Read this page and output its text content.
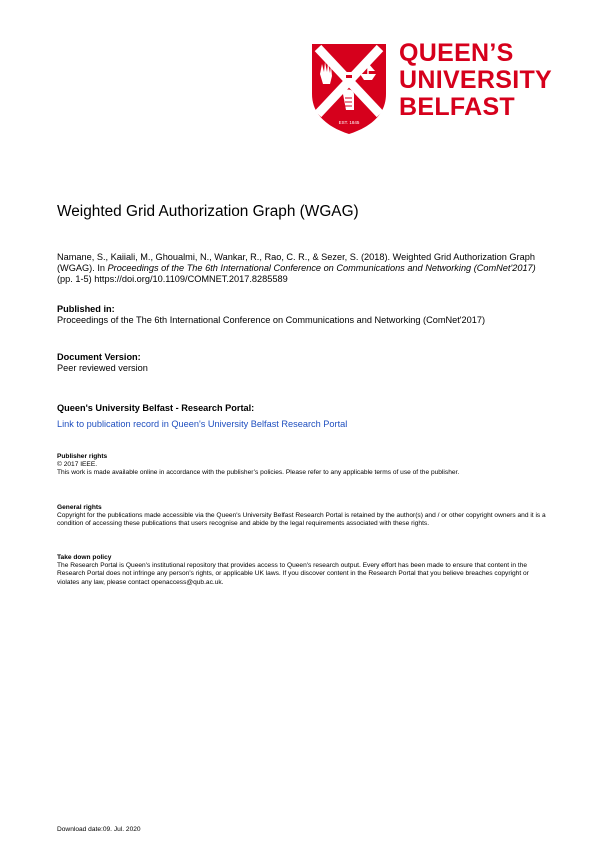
EST. 1845
QUEEN’S
UNIVERSITY
BELFAST
Weighted Grid Authorization Graph (WGAG)
Namane, S., Kaiiali, M., Ghoualmi, N., Wankar, R., Rao, C. R., & Sezer, S. (2018). Weighted Grid Authorization Graph (WGAG). In Proceedings of the The 6th International Conference on Communications and Networking (ComNet'2017) (pp. 1-5) https://doi.org/10.1109/COMNET.2017.8285589
Published in:
Proceedings of the The 6th International Conference on Communications and Networking (ComNet'2017)
Document Version:
Peer reviewed version
Queen's University Belfast - Research Portal:
Link to publication record in Queen's University Belfast Research Portal
Publisher rights
© 2017 IEEE.
This work is made available online in accordance with the publisher’s policies. Please refer to any applicable terms of use of the publisher.
General rights
Copyright for the publications made accessible via the Queen's University Belfast Research Portal is retained by the author(s) and / or other copyright owners and it is a condition of accessing these publications that users recognise and abide by the legal requirements associated with these rights.
Take down policy
The Research Portal is Queen's institutional repository that provides access to Queen's research output. Every effort has been made to ensure that content in the Research Portal does not infringe any person's rights, or applicable UK laws. If you discover content in the Research Portal that you believe breaches copyright or violates any law, please contact openaccess@qub.ac.uk.
Download date:09. Jul. 2020
